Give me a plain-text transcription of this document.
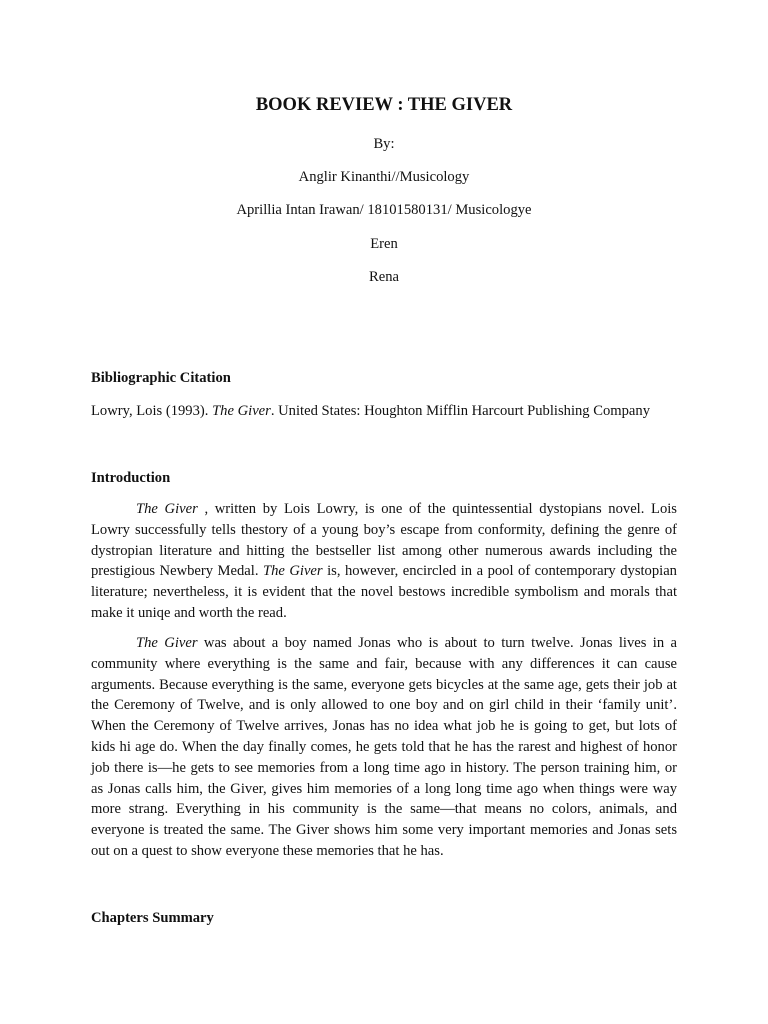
BOOK REVIEW : THE GIVER

By:

Anglir Kinanthi//Musicology

Aprillia Intan Irawan/ 18101580131/ Musicologye

Eren

Rena

Bibliographic Citation

Lowry, Lois (1993). The Giver. United States: Houghton Mifflin Harcourt Publishing Company

Introduction

The Giver , written by Lois Lowry, is one of the quintessential dystopians novel. Lois Lowry successfully tells thestory of a young boy’s escape from conformity, defining the genre of dystropian literature and hitting the bestseller list among other numerous awards including the prestigious Newbery Medal. The Giver is, however, encircled in a pool of contemporary dystopian literature; nevertheless, it is evident that the novel bestows incredible symbolism and morals that make it uniqe and worth the read.

The Giver was about a boy named Jonas who is about to turn twelve. Jonas lives in a community where everything is the same and fair, because with any differences it can cause arguments. Because everything is the same, everyone gets bicycles at the same age, gets their job at the Ceremony of Twelve, and is only allowed to one boy and on girl child in their ‘family unit’. When the Ceremony of Twelve arrives, Jonas has no idea what job he is going to get, but lots of kids hi age do. When the day finally comes, he gets told that he has the rarest and highest of honor job there is—he gets to see memories from a long time ago in history. The person training him, or as Jonas calls him, the Giver, gives him memories of a long long time ago when things were way more strang. Everything in his community is the same—that means no colors, animals, and everyone is treated the same. The Giver shows him some very important memories and Jonas sets out on a quest to show everyone these memories that he has.

Chapters Summary
